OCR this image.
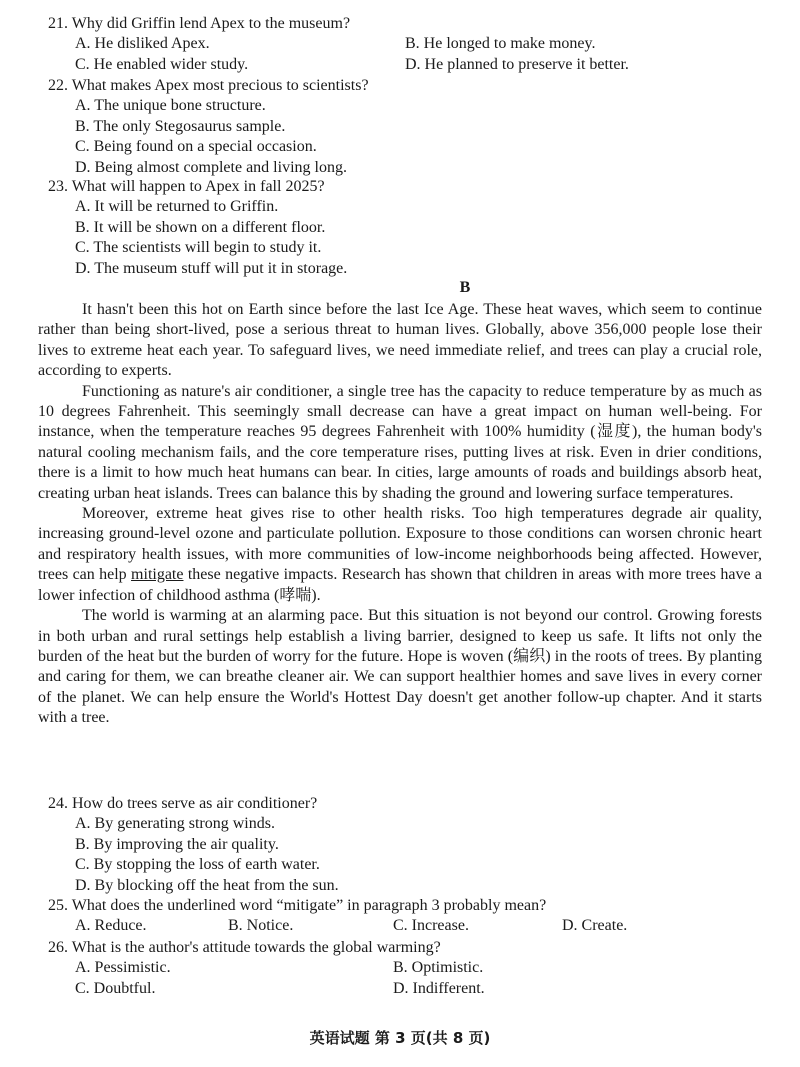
21. Why did Griffin lend Apex to the museum?
A. He disliked Apex.	B. He longed to make money.
C. He enabled wider study.	D. He planned to preserve it better.
22. What makes Apex most precious to scientists?
A. The unique bone structure.
B. The only Stegosaurus sample.
C. Being found on a special occasion.
D. Being almost complete and living long.
23. What will happen to Apex in fall 2025?
A. It will be returned to Griffin.
B. It will be shown on a different floor.
C. The scientists will begin to study it.
D. The museum stuff will put it in storage.
B

It hasn't been this hot on Earth since before the last Ice Age. These heat waves, which seem to continue rather than being short-lived, pose a serious threat to human lives. Globally, above 356,000 people lose their lives to extreme heat each year. To safeguard lives, we need immediate relief, and trees can play a crucial role, according to experts.

Functioning as nature's air conditioner, a single tree has the capacity to reduce temperature by as much as 10 degrees Fahrenheit. This seemingly small decrease can have a great impact on human well-being. For instance, when the temperature reaches 95 degrees Fahrenheit with 100% humidity (湿度), the human body's natural cooling mechanism fails, and the core temperature rises, putting lives at risk. Even in drier conditions, there is a limit to how much heat humans can bear. In cities, large amounts of roads and buildings absorb heat, creating urban heat islands. Trees can balance this by shading the ground and lowering surface temperatures.

Moreover, extreme heat gives rise to other health risks. Too high temperatures degrade air quality, increasing ground-level ozone and particulate pollution. Exposure to those conditions can worsen chronic heart and respiratory health issues, with more communities of low-income neighborhoods being affected. However, trees can help mitigate these negative impacts. Research has shown that children in areas with more trees have a lower infection of childhood asthma (哮喘).

The world is warming at an alarming pace. But this situation is not beyond our control. Growing forests in both urban and rural settings help establish a living barrier, designed to keep us safe. It lifts not only the burden of the heat but the burden of worry for the future. Hope is woven (编织) in the roots of trees. By planting and caring for them, we can breathe cleaner air. We can support healthier homes and save lives in every corner of the planet. We can help ensure the World's Hottest Day doesn't get another follow-up chapter. And it starts with a tree.

24. How do trees serve as air conditioner?
A. By generating strong winds.
B. By improving the air quality.
C. By stopping the loss of earth water.
D. By blocking off the heat from the sun.
25. What does the underlined word “mitigate” in paragraph 3 probably mean?
A. Reduce.	B. Notice.	C. Increase.	D. Create.
26. What is the author's attitude towards the global warming?
A. Pessimistic.	B. Optimistic.
C. Doubtful.	D. Indifferent.
英语试题 第 3 页(共 8 页)
